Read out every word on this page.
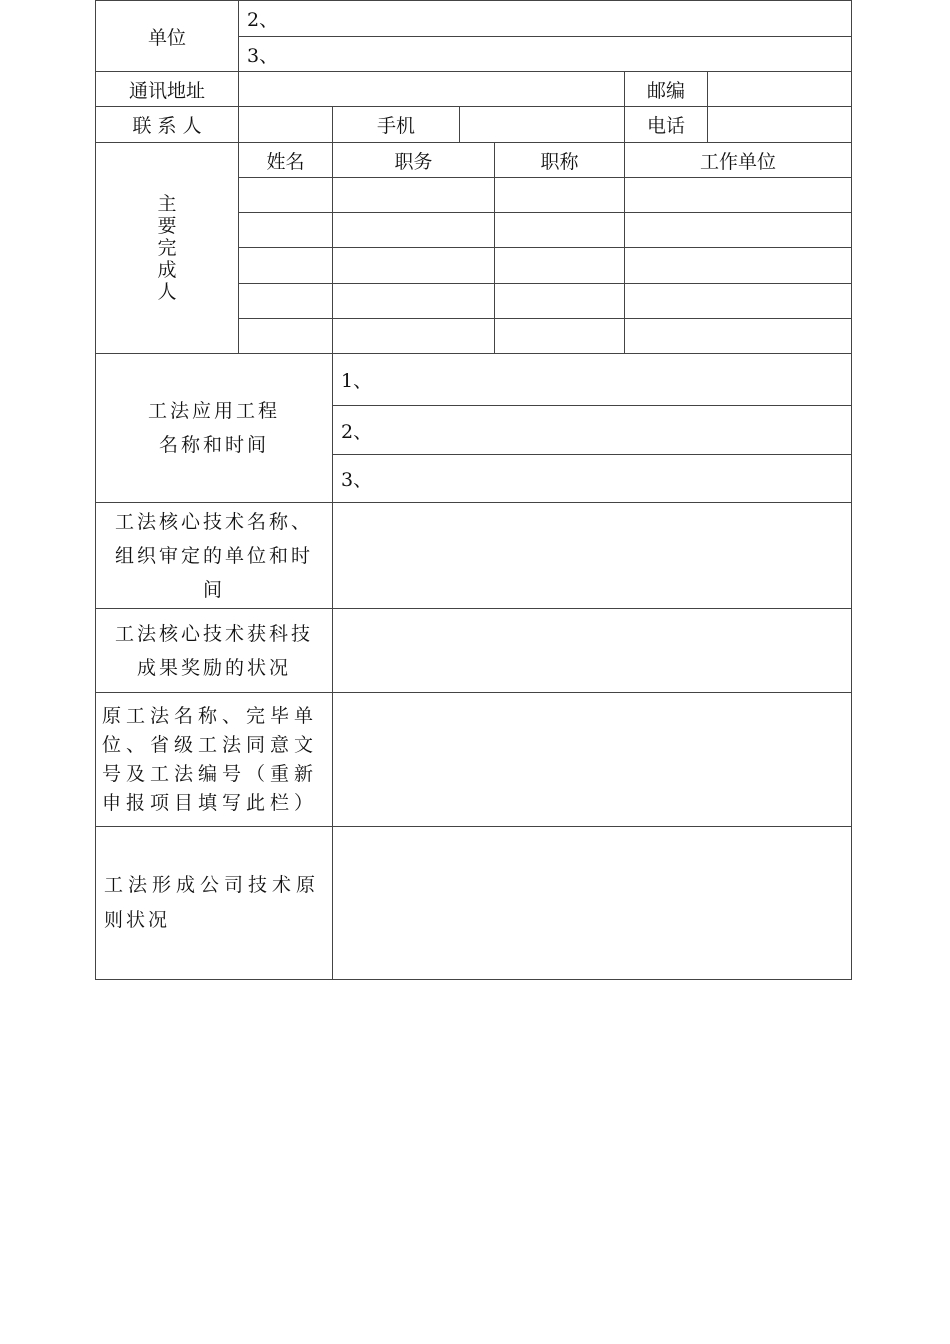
单位	2、					
	3、					
通讯地址					邮编	
联 系 人		手机			电话	

主
要
完
成
人	姓名	职务		职称	工作单位	

工法应用工程
名称和时间		1、				
		2、				
		3、				

工法核心技术名称、
组织审定的单位和时
间						

工法核心技术获科技
成果奖励的状况						

原工法名称、完毕单
位、省级工法同意文
号及工法编号（重新
申报项目填写此栏）						

工法形成公司技术原
则状况						
